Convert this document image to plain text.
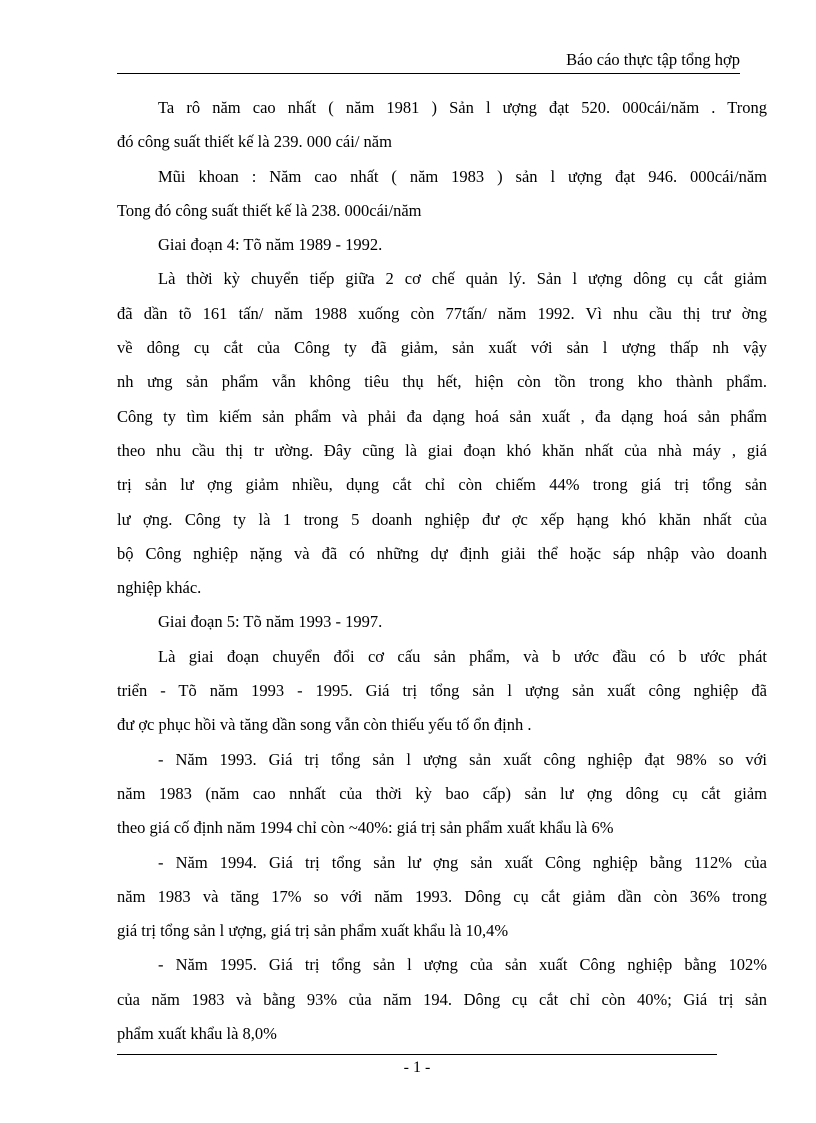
Báo cáo thực tập tổng hợp
Ta rô năm cao nhất ( năm 1981 ) Sản l ượng đạt 520. 000cái/năm . Trong
đó công suất thiết kế là 239. 000 cái/ năm
Mũi khoan : Năm cao nhất ( năm 1983 ) sản l ượng đạt 946. 000cái/năm
Tong đó công suất thiết kế là 238. 000cái/năm
Giai đoạn 4: Tõ năm 1989 - 1992.
Là thời kỳ chuyển tiếp giữa 2 cơ chế quản lý. Sản l ượng dông cụ cắt giảm
đã dần tõ 161 tấn/ năm 1988 xuống còn 77tấn/ năm 1992. Vì nhu cầu thị trư ờng
về dông cụ cắt của Công ty đã giảm, sản xuất với sản l ượng thấp nh vậy
nh ưng sản phẩm vẫn không tiêu thụ hết, hiện còn tồn trong kho thành phẩm.
Công ty tìm kiếm sản phẩm và phải đa dạng hoá sản xuất , đa dạng hoá sản phẩm
theo nhu cầu thị tr ường. Đây cũng là giai đoạn khó khăn nhất của nhà máy , giá
trị sản lư ợng giảm nhiều, dụng cắt chỉ còn chiếm 44% trong giá trị tổng sản
lư ợng. Công ty là 1 trong 5 doanh nghiệp đư ợc xếp hạng khó khăn nhất của
bộ Công nghiệp nặng và đã có những dự định giải thể hoặc sáp nhập vào doanh
nghiệp khác.
Giai đoạn 5: Tõ năm 1993 - 1997.
Là giai đoạn chuyển đổi cơ cấu sản phẩm, và b ước đầu có b ước phát
triển - Tõ năm 1993 - 1995. Giá trị tổng sản l ượng sản xuất công nghiệp đã
đư ợc phục hồi và tăng dần song vẫn còn thiếu yếu tố ổn định .
- Năm 1993. Giá trị tổng sản l ượng sản xuất công nghiệp đạt 98% so với
năm 1983 (năm cao nnhất của thời kỳ bao cấp) sản lư ợng dông cụ cắt giảm
theo giá cố định năm 1994 chỉ còn ~40%: giá trị sản phẩm xuất khẩu là 6%
- Năm 1994. Giá trị tổng sản lư ợng sản xuất Công nghiệp bằng 112% của
năm 1983 và tăng 17% so với năm 1993. Dông cụ cắt giảm dần còn 36% trong
giá trị tổng sản l ượng, giá trị sản phẩm xuất khẩu là 10,4%
- Năm 1995. Giá trị tổng sản l ượng của sản xuất Công nghiệp bằng 102%
của năm 1983 và bằng 93% của năm 194. Dông cụ cắt chỉ còn 40%; Giá trị sản
phẩm xuất khẩu là 8,0%
- 1 -
